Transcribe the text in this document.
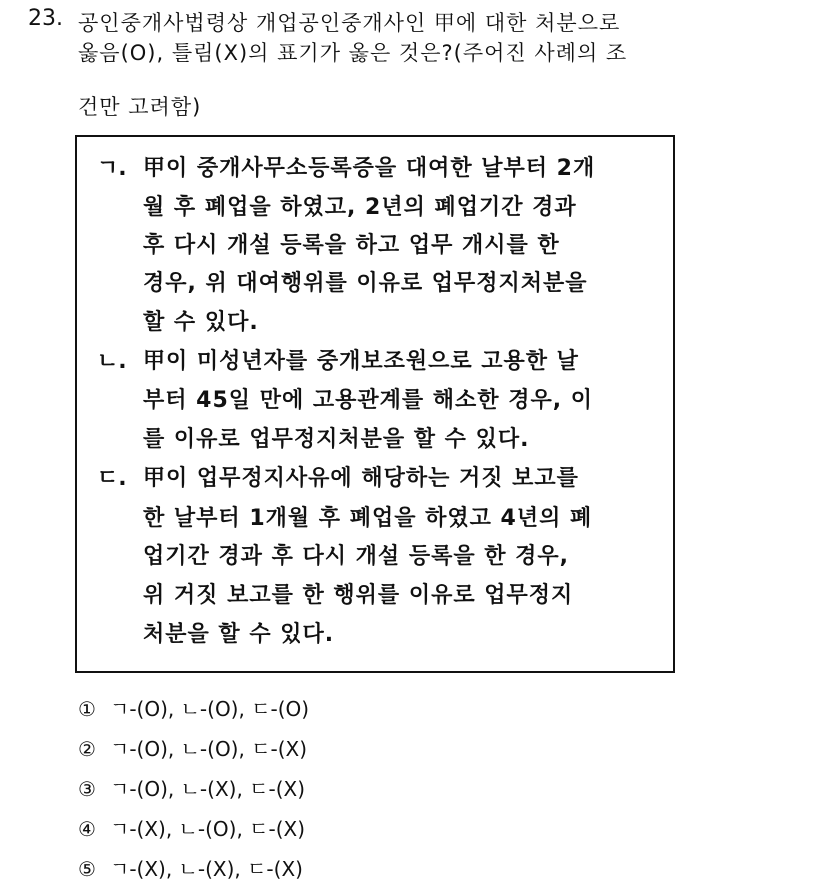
23. 공인중개사법령상 개업공인중개사인 甲에 대한 처분으로
옳음(O), 틀림(X)의 표기가 옳은 것은?(주어진 사례의 조
건만 고려함)
ㄱ. 甲이 중개사무소등록증을 대여한 날부터 2개
월 후 폐업을 하였고, 2년의 폐업기간 경과
후 다시 개설 등록을 하고 업무 개시를 한
경우, 위 대여행위를 이유로 업무정지처분을
할 수 있다.
ㄴ. 甲이 미성년자를 중개보조원으로 고용한 날
부터 45일 만에 고용관계를 해소한 경우, 이
를 이유로 업무정지처분을 할 수 있다.
ㄷ. 甲이 업무정지사유에 해당하는 거짓 보고를
한 날부터 1개월 후 폐업을 하였고 4년의 폐
업기간 경과 후 다시 개설 등록을 한 경우,
위 거짓 보고를 한 행위를 이유로 업무정지
처분을 할 수 있다.
① ㄱ-(O), ㄴ-(O), ㄷ-(O)
② ㄱ-(O), ㄴ-(O), ㄷ-(X)
③ ㄱ-(O), ㄴ-(X), ㄷ-(X)
④ ㄱ-(X), ㄴ-(O), ㄷ-(X)
⑤ ㄱ-(X), ㄴ-(X), ㄷ-(X)
